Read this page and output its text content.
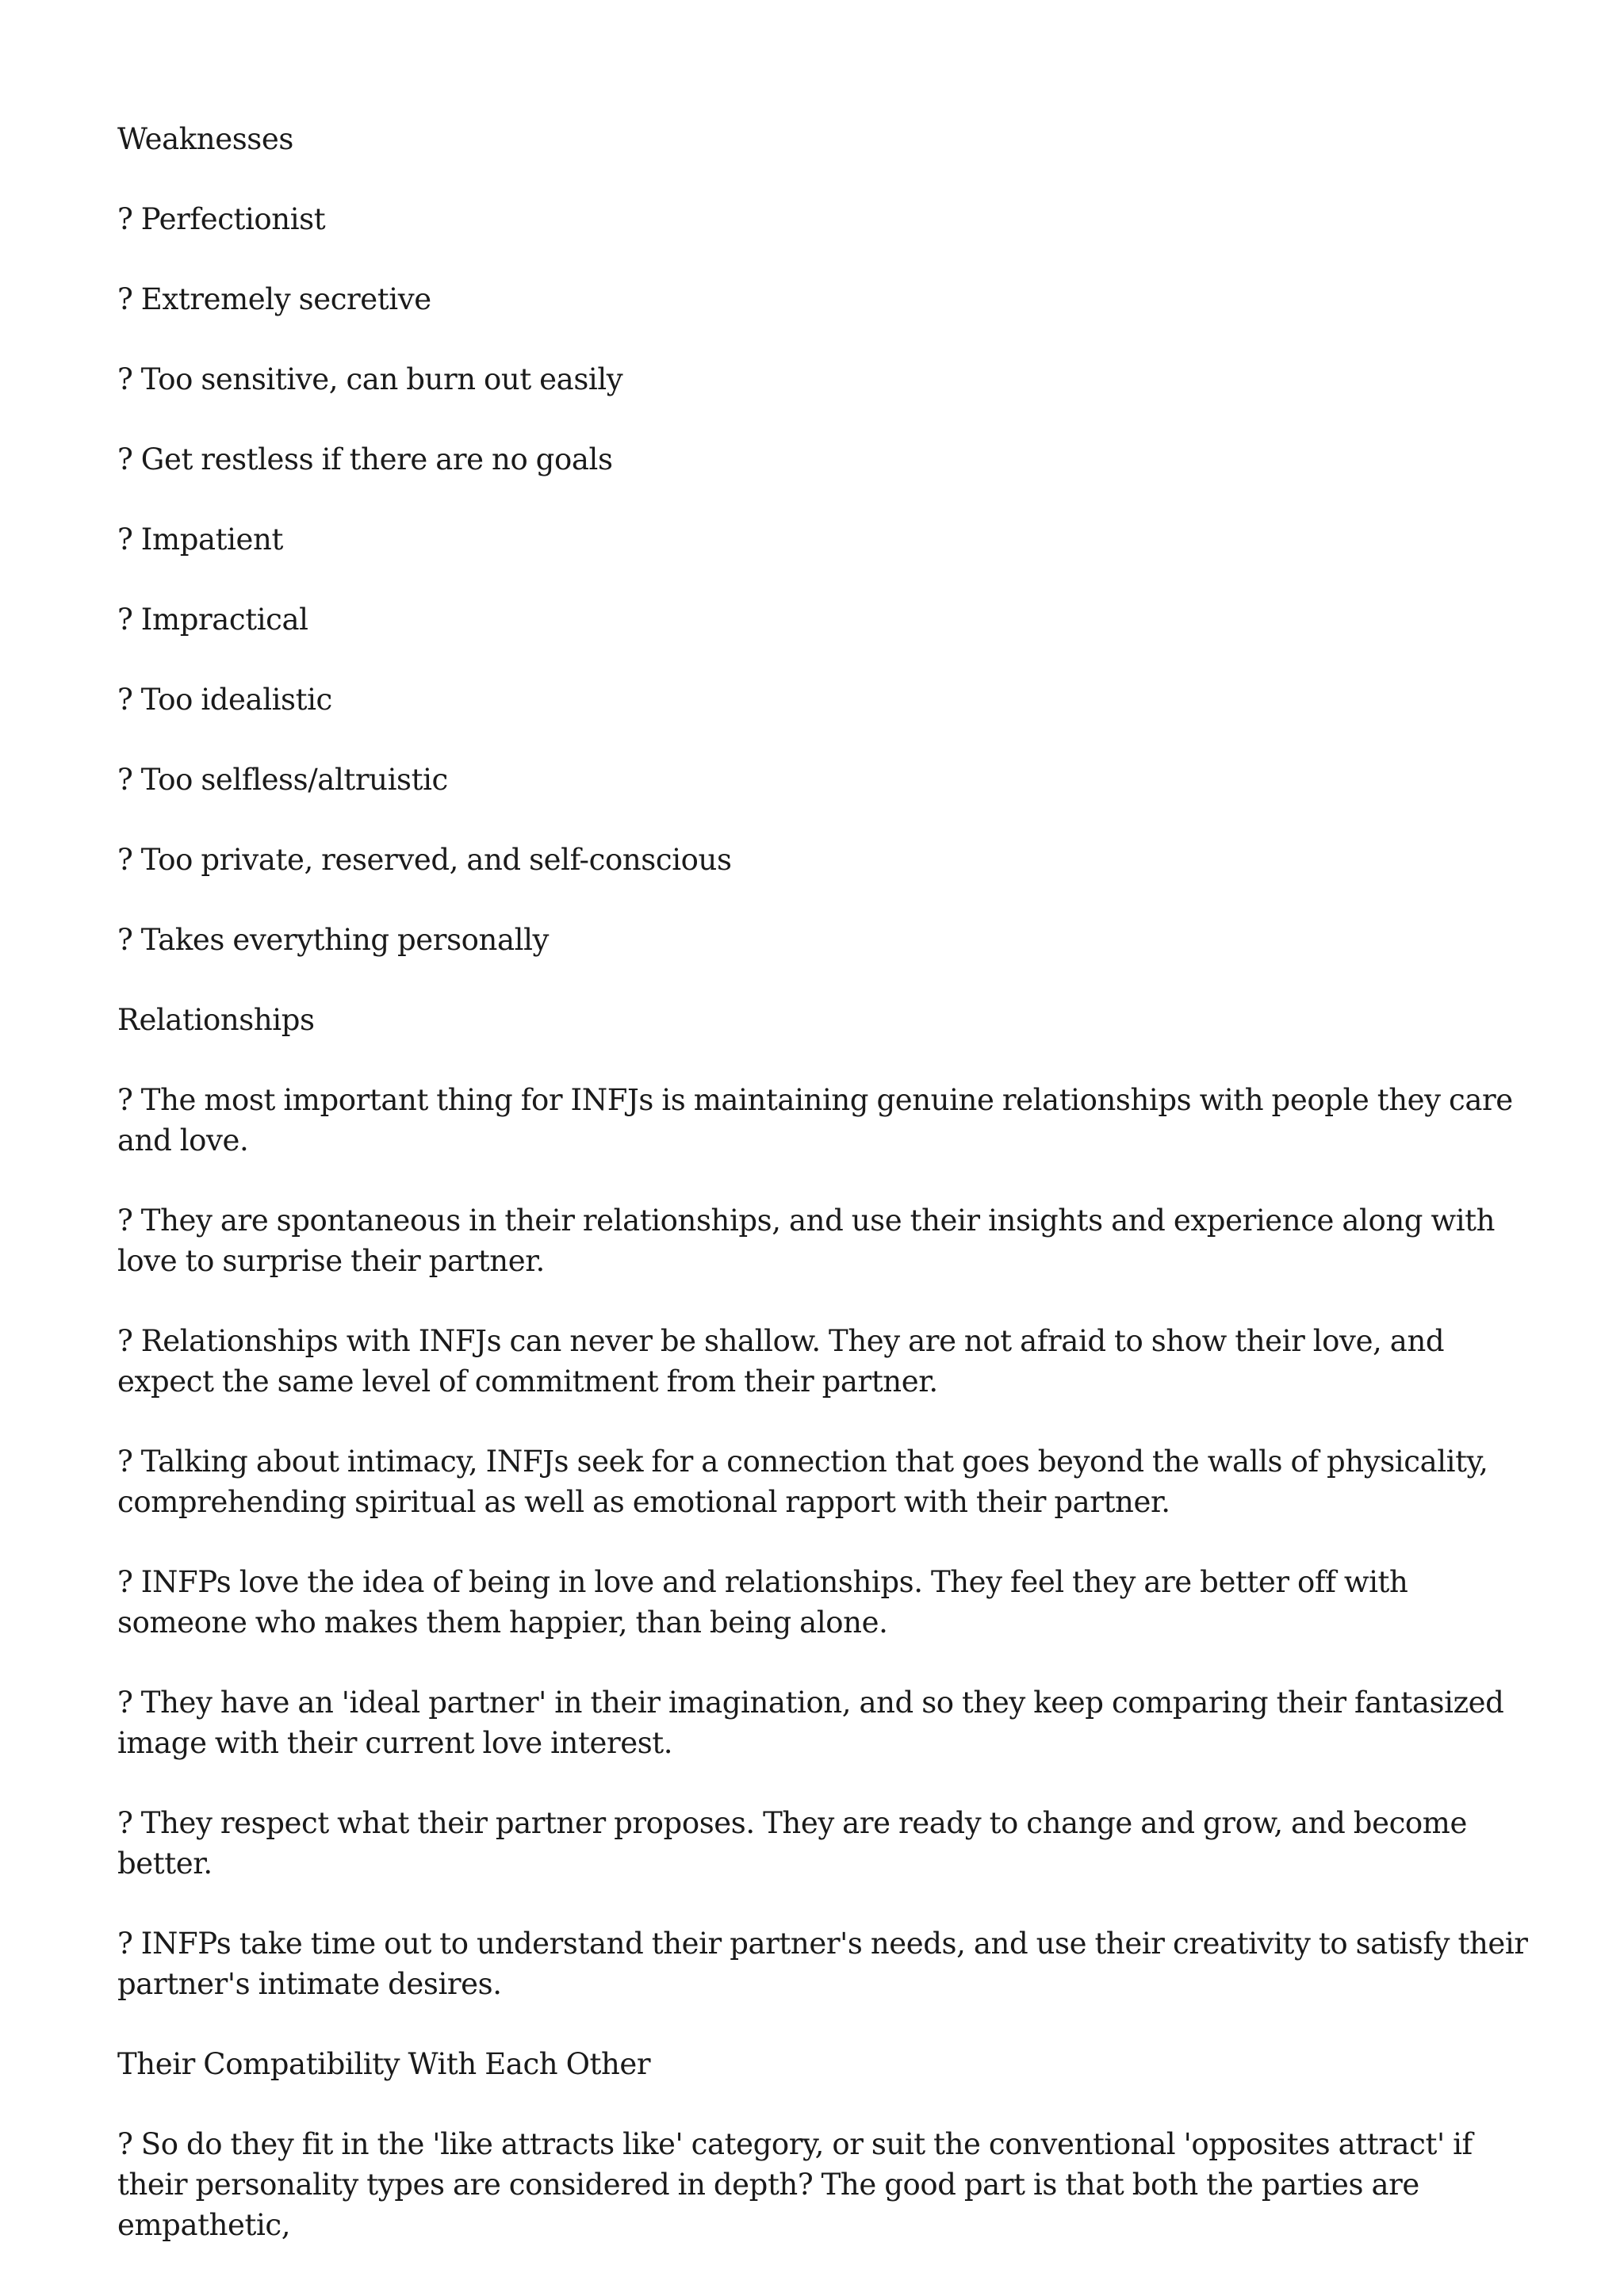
Weaknesses

? Perfectionist

? Extremely secretive

? Too sensitive, can burn out easily

? Get restless if there are no goals

? Impatient

? Impractical

? Too idealistic

? Too selfless/altruistic

? Too private, reserved, and self-conscious

? Takes everything personally

Relationships

? The most important thing for INFJs is maintaining genuine relationships with people they care and love.

? They are spontaneous in their relationships, and use their insights and experience along with love to surprise their partner.

? Relationships with INFJs can never be shallow. They are not afraid to show their love, and expect the same level of commitment from their partner.

? Talking about intimacy, INFJs seek for a connection that goes beyond the walls of physicality, comprehending spiritual as well as emotional rapport with their partner.

? INFPs love the idea of being in love and relationships. They feel they are better off with someone who makes them happier, than being alone.

? They have an 'ideal partner' in their imagination, and so they keep comparing their fantasized image with their current love interest.

? They respect what their partner proposes. They are ready to change and grow, and become better.

? INFPs take time out to understand their partner's needs, and use their creativity to satisfy their partner's intimate desires.

Their Compatibility With Each Other

? So do they fit in the 'like attracts like' category, or suit the conventional 'opposites attract' if their personality types are considered in depth? The good part is that both the parties are empathetic,
